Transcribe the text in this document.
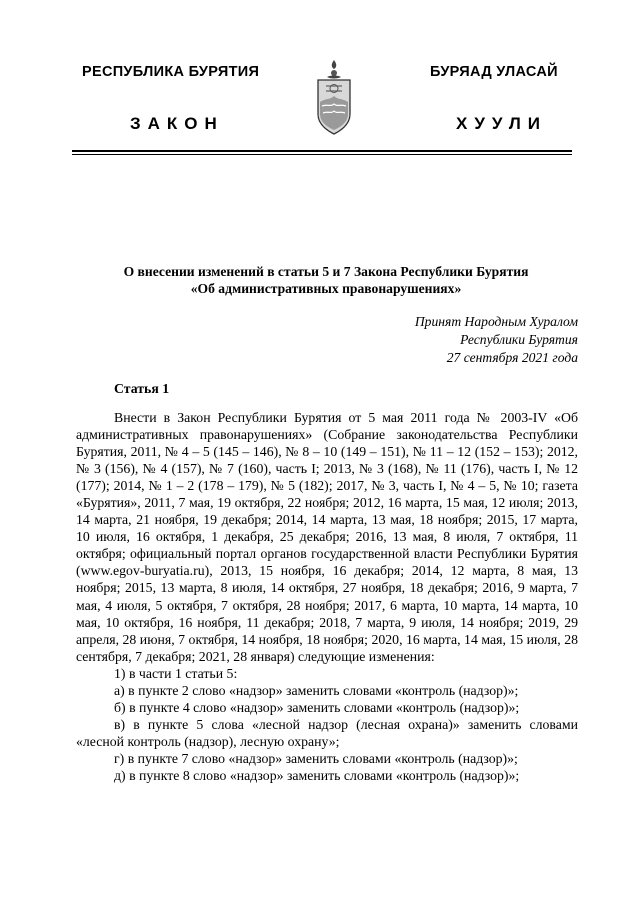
РЕСПУБЛИКА БУРЯТИЯ	БУРЯАД УЛАСАЙ
ЗАКОН	ХУУЛИ
О внесении изменений в статьи 5 и 7 Закона Республики Бурятия
«Об административных правонарушениях»
Принят Народным Хуралом
Республики Бурятия
27 сентября 2021 года
Статья 1

Внести в Закон Республики Бурятия от 5 мая 2011 года № 2003-IV «Об административных правонарушениях» (Собрание законодательства Республики Бурятия, 2011, № 4 – 5 (145 – 146), № 8 – 10 (149 – 151), № 11 – 12 (152 – 153); 2012, № 3 (156), № 4 (157), № 7 (160), часть I; 2013, № 3 (168), № 11 (176), часть I, № 12 (177); 2014, № 1 – 2 (178 – 179), № 5 (182); 2017, № 3, часть I, № 4 – 5, № 10; газета «Бурятия», 2011, 7 мая, 19 октября, 22 ноября; 2012, 16 марта, 15 мая, 12 июля; 2013, 14 марта, 21 ноября, 19 декабря; 2014, 14 марта, 13 мая, 18 ноября; 2015, 17 марта, 10 июля, 16 октября, 1 декабря, 25 декабря; 2016, 13 мая, 8 июля, 7 октября, 11 октября; официальный портал органов государственной власти Республики Бурятия (www.egov-buryatia.ru), 2013, 15 ноября, 16 декабря; 2014, 12 марта, 8 мая, 13 ноября; 2015, 13 марта, 8 июля, 14 октября, 27 ноября, 18 декабря; 2016, 9 марта, 7 мая, 4 июля, 5 октября, 7 октября, 28 ноября; 2017, 6 марта, 10 марта, 14 марта, 10 мая, 10 октября, 16 ноября, 11 декабря; 2018, 7 марта, 9 июля, 14 ноября; 2019, 29 апреля, 28 июня, 7 октября, 14 ноября, 18 ноября; 2020, 16 марта, 14 мая, 15 июля, 28 сентября, 7 декабря; 2021, 28 января) следующие изменения:

1) в части 1 статьи 5:

а) в пункте 2 слово «надзор» заменить словами «контроль (надзор)»;

б) в пункте 4 слово «надзор» заменить словами «контроль (надзор)»;

в) в пункте 5 слова «лесной надзор (лесная охрана)» заменить словами «лесной контроль (надзор), лесную охрану»;

г) в пункте 7 слово «надзор» заменить словами «контроль (надзор)»;

д) в пункте 8 слово «надзор» заменить словами «контроль (надзор)»;
